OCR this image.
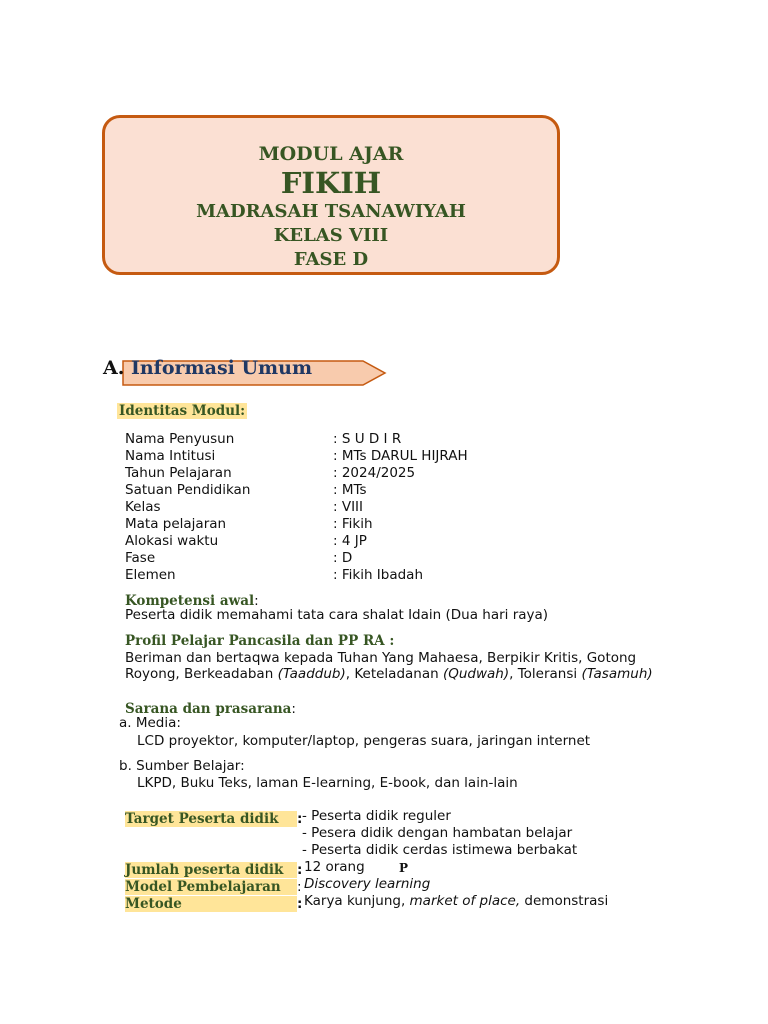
MODUL AJAR
FIKIH
MADRASAH TSANAWIYAH
KELAS VIII
FASE D
A. Informasi Umum
Identitas Modul:
Nama Penyusun	: S U D I R
Nama Intitusi	: MTs DARUL HIJRAH
Tahun Pelajaran	: 2024/2025
Satuan Pendidikan	: MTs
Kelas	: VIII
Mata pelajaran	: Fikih
Alokasi waktu	: 4 JP
Fase	: D
Elemen	: Fikih Ibadah
Kompetensi awal:
Peserta didik memahami tata cara shalat Idain (Dua hari raya)
Profil Pelajar Pancasila dan PP RA :
Beriman dan bertaqwa kepada Tuhan Yang Mahaesa, Berpikir Kritis, Gotong
Royong, Berkeadaban (Taaddub), Keteladanan (Qudwah), Toleransi (Tasamuh)
Sarana dan prasarana:
a. Media:
LCD proyektor, komputer/laptop, pengeras suara, jaringan internet
b. Sumber Belajar:
LKPD, Buku Teks, laman E-learning, E-book, dan lain-lain
Target Peserta didik : - Peserta didik reguler
- Pesera didik dengan hambatan belajar
- Peserta didik cerdas istimewa berbakat
Jumlah peserta didik : 12 orang	P
Model Pembelajaran : Discovery learning
Metode	: Karya kunjung, market of place, demonstrasi
